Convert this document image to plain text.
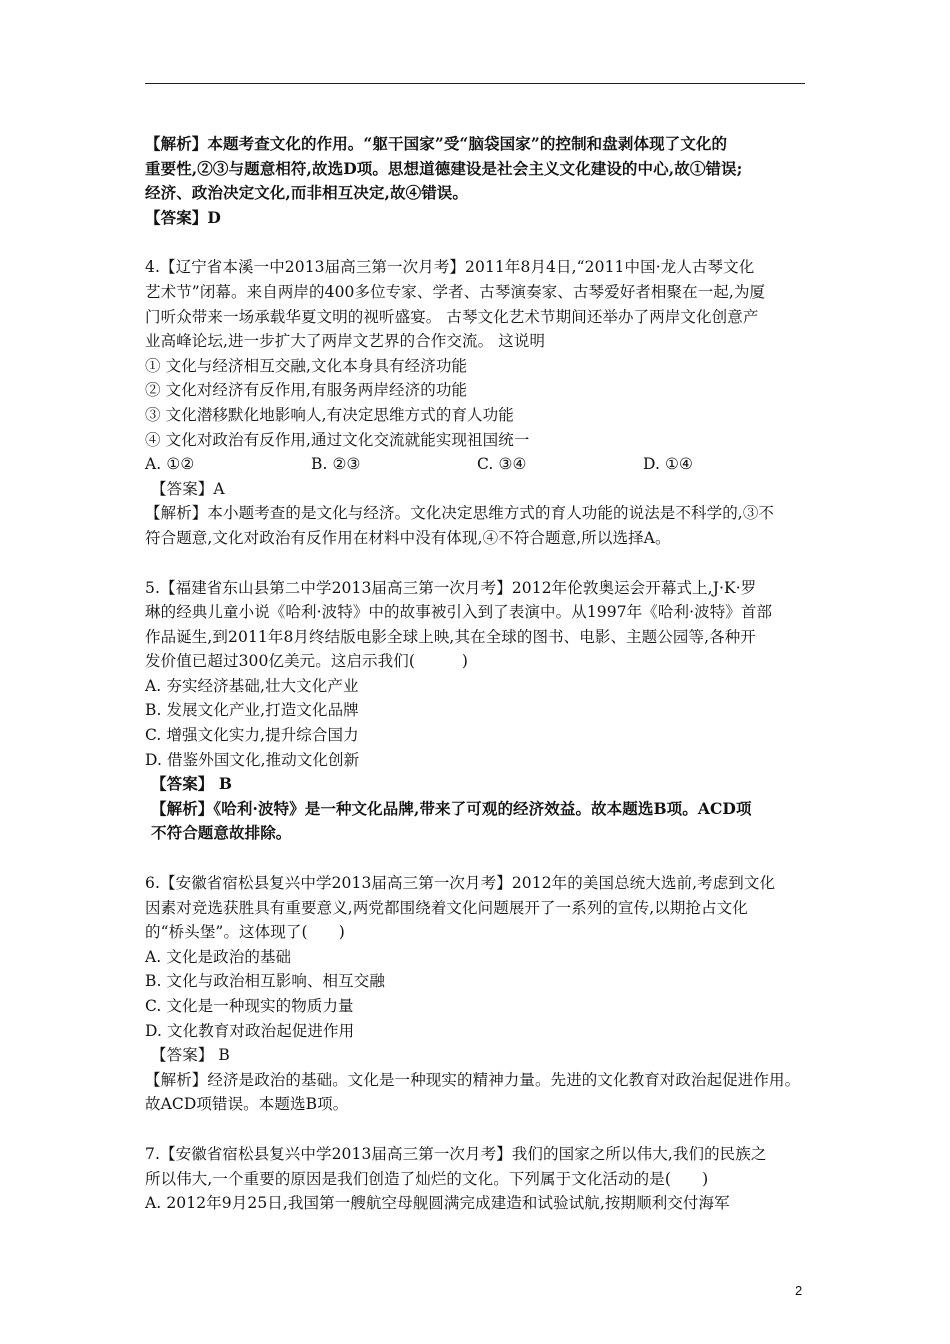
【解析】本题考查文化的作用。“躯干国家”受“脑袋国家”的控制和盘剥体现了文化的
重要性,②③与题意相符,故选D项。思想道德建设是社会主义文化建设的中心,故①错误;
经济、政治决定文化,而非相互决定,故④错误。
【答案】D
4.【辽宁省本溪一中2013届高三第一次月考】2011年8月4日,“2011中国·龙人古琴文化
艺术节”闭幕。来自两岸的400多位专家、学者、古琴演奏家、古琴爱好者相聚在一起,为厦
门听众带来一场承载华夏文明的视听盛宴。 古琴文化艺术节期间还举办了两岸文化创意产
业高峰论坛,进一步扩大了两岸文艺界的合作交流。 这说明
① 文化与经济相互交融,文化本身具有经济功能
② 文化对经济有反作用,有服务两岸经济的功能
③ 文化潜移默化地影响人,有决定思维方式的育人功能
④ 文化对政治有反作用,通过文化交流就能实现祖国统一
A. ①②	B. ②③	C. ③④	D. ①④
【答案】A
【解析】本小题考查的是文化与经济。文化决定思维方式的育人功能的说法是不科学的,③不
符合题意,文化对政治有反作用在材料中没有体现,④不符合题意,所以选择A。
5.【福建省东山县第二中学2013届高三第一次月考】2012年伦敦奥运会开幕式上,J·K·罗
琳的经典儿童小说《哈利·波特》中的故事被引入到了表演中。从1997年《哈利·波特》首部
作品诞生,到2011年8月终结版电影全球上映,其在全球的图书、电影、主题公园等,各种开
发价值已超过300亿美元。这启示我们(　　　)
A. 夯实经济基础,壮大文化产业
B. 发展文化产业,打造文化品牌
C. 增强文化实力,提升综合国力
D. 借鉴外国文化,推动文化创新
【答案】 B
【解析】《哈利·波特》是一种文化品牌,带来了可观的经济效益。故本题选B项。ACD项
不符合题意故排除。
6.【安徽省宿松县复兴中学2013届高三第一次月考】2012年的美国总统大选前,考虑到文化
因素对竞选获胜具有重要意义,两党都围绕着文化问题展开了一系列的宣传,以期抢占文化
的“桥头堡”。这体现了(　　)
A. 文化是政治的基础
B. 文化与政治相互影响、相互交融
C. 文化是一种现实的物质力量
D. 文化教育对政治起促进作用
【答案】 B
【解析】经济是政治的基础。文化是一种现实的精神力量。先进的文化教育对政治起促进作用。
故ACD项错误。本题选B项。
7.【安徽省宿松县复兴中学2013届高三第一次月考】我们的国家之所以伟大,我们的民族之
所以伟大,一个重要的原因是我们创造了灿烂的文化。下列属于文化活动的是(　　)
A. 2012年9月25日,我国第一艘航空母舰圆满完成建造和试验试航,按期顺利交付海军
2
